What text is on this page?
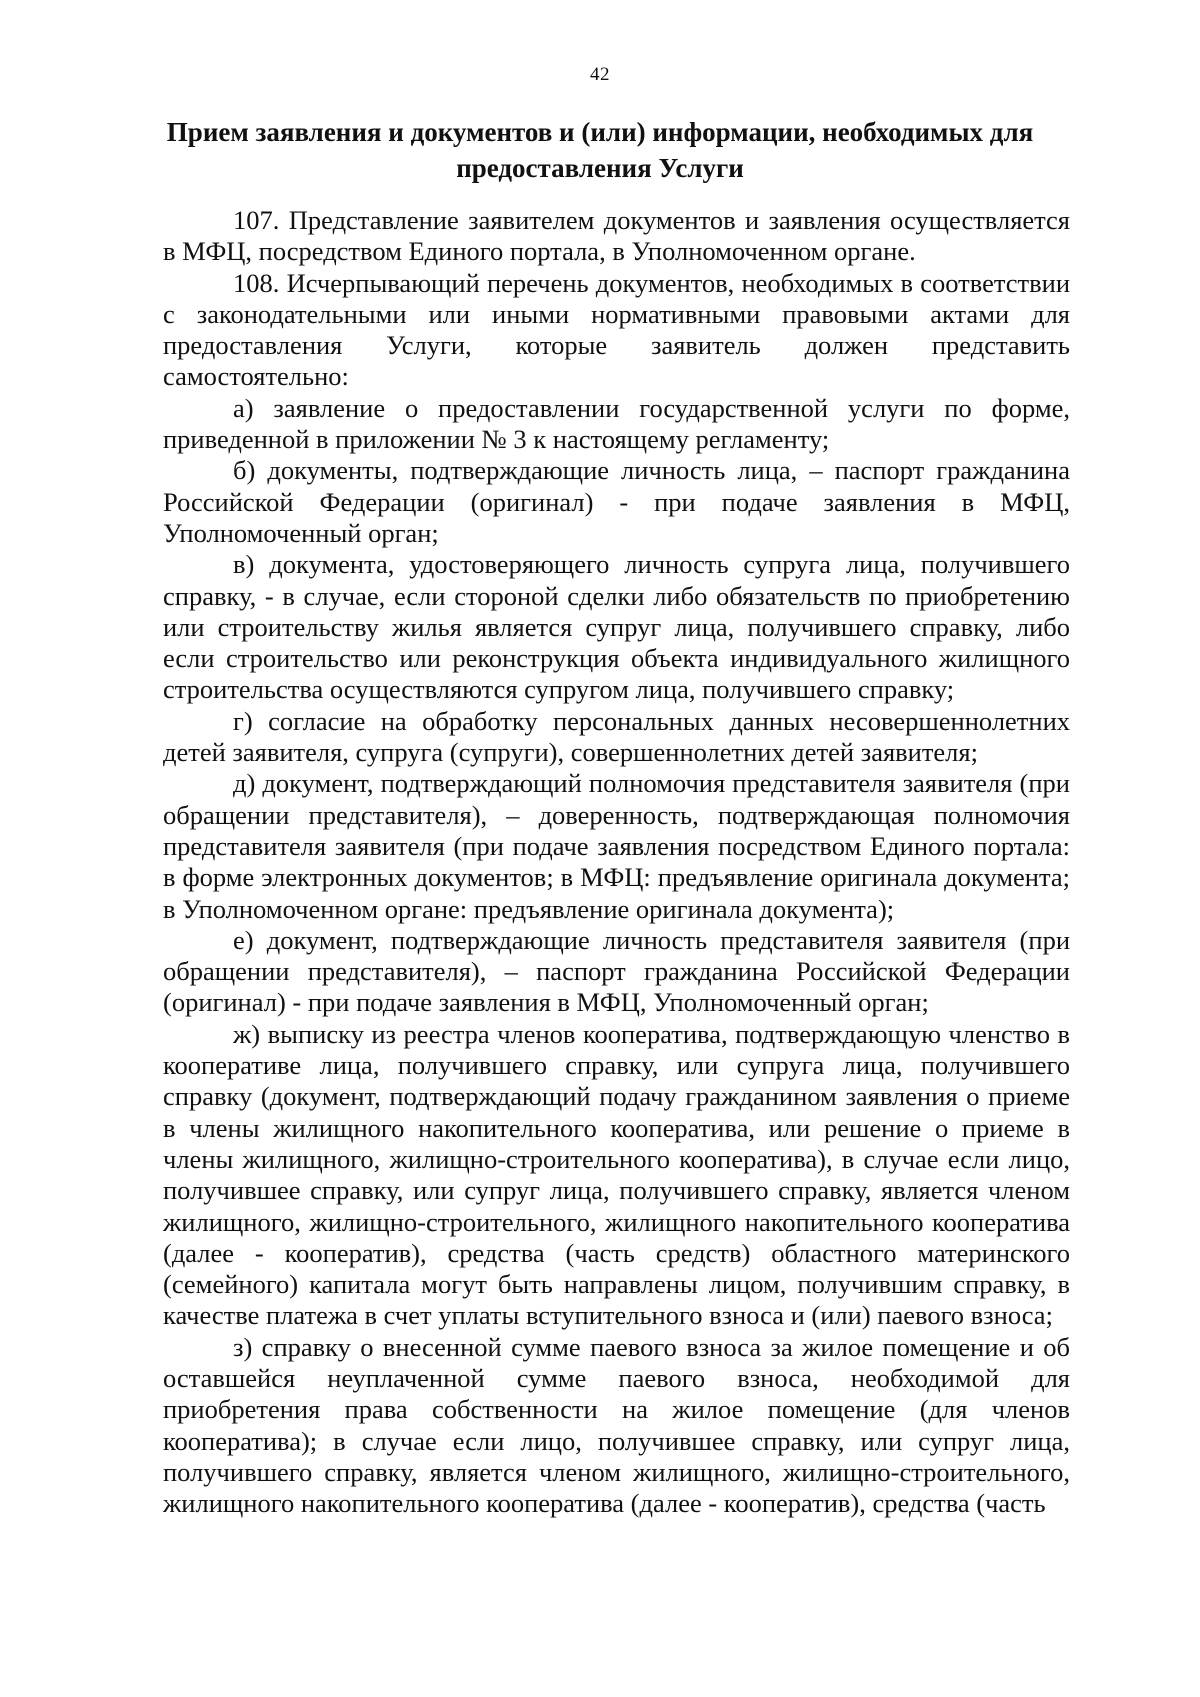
42
Прием заявления и документов и (или) информации, необходимых для предоставления Услуги

107. Представление заявителем документов и заявления осуществляется в МФЦ, посредством Единого портала, в Уполномоченном органе.

108. Исчерпывающий перечень документов, необходимых в соответствии с законодательными или иными нормативными правовыми актами для предоставления Услуги, которые заявитель должен представить самостоятельно:

а) заявление о предоставлении государственной услуги по форме, приведенной в приложении № 3 к настоящему регламенту;

б) документы, подтверждающие личность лица, – паспорт гражданина Российской Федерации (оригинал) - при подаче заявления в МФЦ, Уполномоченный орган;

в) документа, удостоверяющего личность супруга лица, получившего справку, - в случае, если стороной сделки либо обязательств по приобретению или строительству жилья является супруг лица, получившего справку, либо если строительство или реконструкция объекта индивидуального жилищного строительства осуществляются супругом лица, получившего справку;

г) согласие на обработку персональных данных несовершеннолетних детей заявителя, супруга (супруги), совершеннолетних детей заявителя;

д) документ, подтверждающий полномочия представителя заявителя (при обращении представителя), – доверенность, подтверждающая полномочия представителя заявителя (при подаче заявления посредством Единого портала: в форме электронных документов; в МФЦ: предъявление оригинала документа; в Уполномоченном органе: предъявление оригинала документа);

е) документ, подтверждающие личность представителя заявителя (при обращении представителя), – паспорт гражданина Российской Федерации (оригинал) - при подаче заявления в МФЦ, Уполномоченный орган;

ж) выписку из реестра членов кооператива, подтверждающую членство в кооперативе лица, получившего справку, или супруга лица, получившего справку (документ, подтверждающий подачу гражданином заявления о приеме в члены жилищного накопительного кооператива, или решение о приеме в члены жилищного, жилищно-строительного кооператива), в случае если лицо, получившее справку, или супруг лица, получившего справку, является членом жилищного, жилищно-строительного, жилищного накопительного кооператива (далее - кооператив), средства (часть средств) областного материнского (семейного) капитала могут быть направлены лицом, получившим справку, в качестве платежа в счет уплаты вступительного взноса и (или) паевого взноса;

з) справку о внесенной сумме паевого взноса за жилое помещение и об оставшейся неуплаченной сумме паевого взноса, необходимой для приобретения права собственности на жилое помещение (для членов кооператива); в случае если лицо, получившее справку, или супруг лица, получившего справку, является членом жилищного, жилищно-строительного, жилищного накопительного кооператива (далее - кооператив), средства (часть
